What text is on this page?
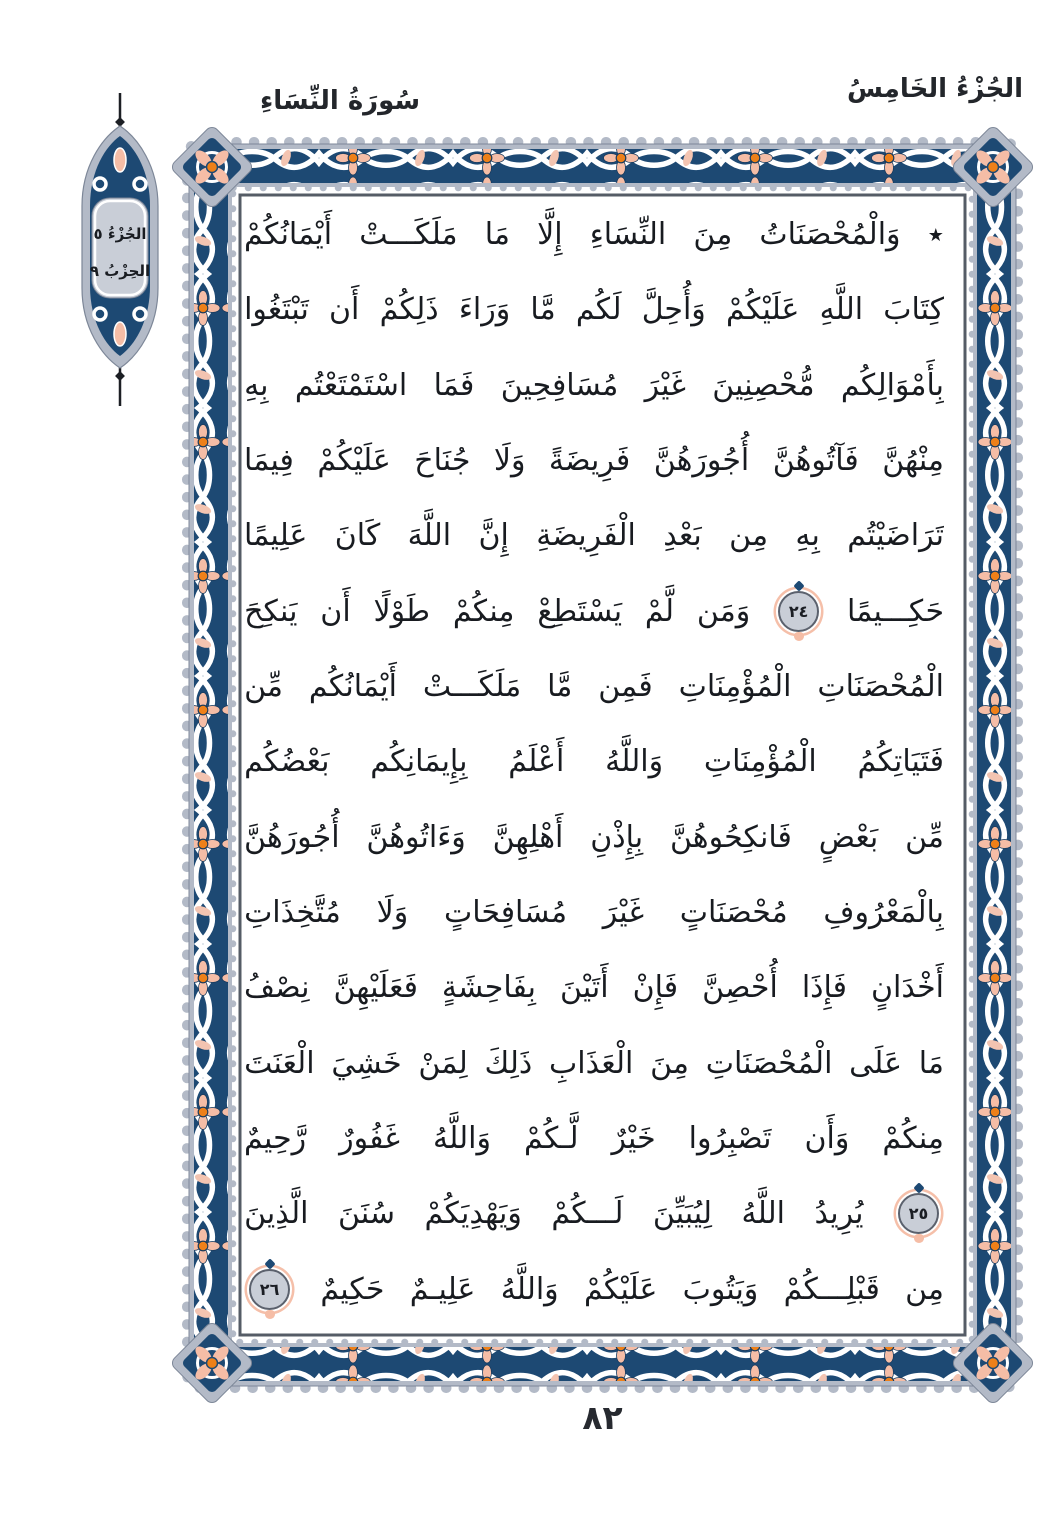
سُورَةُ النِّسَاءِ	الجُزْءُ الخَامِسُ
الجُزْءُ ٥
الحِزْبُ ٩
٭
وَالْمُحْصَنَاتُ
مِنَ
النِّسَاءِ
إِلَّا
مَا
مَلَكَـــتْ
أَيْمَانُكُمْ
كِتَابَ
اللَّهِ
عَلَيْكُمْ
وَأُحِلَّ
لَكُم
مَّا
وَرَاءَ
ذَلِكُمْ
أَن
تَبْتَغُوا
بِأَمْوَالِكُم
مُّحْصِنِينَ
غَيْرَ
مُسَافِحِينَ
فَمَا
اسْتَمْتَعْتُم
بِهِ
مِنْهُنَّ
فَآتُوهُنَّ
أُجُورَهُنَّ
فَرِيضَةً
وَلَا
جُنَاحَ
عَلَيْكُمْ
فِيمَا
تَرَاضَيْتُم
بِهِ
مِن
بَعْدِ
الْفَرِيضَةِ
إِنَّ
اللَّهَ
كَانَ
عَلِيمًا
حَكِـــيمًا
٢٤
وَمَن
لَّمْ
يَسْتَطِعْ
مِنكُمْ
طَوْلًا
أَن
يَنكِحَ
الْمُحْصَنَاتِ
الْمُؤْمِنَاتِ
فَمِن
مَّا
مَلَكَـــتْ
أَيْمَانُكُم
مِّن
فَتَيَاتِكُمُ
الْمُؤْمِنَاتِ
وَاللَّهُ
أَعْلَمُ
بِإِيمَانِكُم
بَعْضُكُم
مِّن
بَعْضٍ
فَانكِحُوهُنَّ
بِإِذْنِ
أَهْلِهِنَّ
وَءَاتُوهُنَّ
أُجُورَهُنَّ
بِالْمَعْرُوفِ
مُحْصَنَاتٍ
غَيْرَ
مُسَافِحَاتٍ
وَلَا
مُتَّخِذَاتِ
أَخْدَانٍ
فَإِذَا
أُحْصِنَّ
فَإِنْ
أَتَيْنَ
بِفَاحِشَةٍ
فَعَلَيْهِنَّ
نِصْفُ
مَا
عَلَى
الْمُحْصَنَاتِ
مِنَ
الْعَذَابِ
ذَلِكَ
لِمَنْ
خَشِيَ
الْعَنَتَ
مِنكُمْ
وَأَن
تَصْبِرُوا
خَيْرٌ
لَّـكُمْ
وَاللَّهُ
غَفُورٌ
رَّحِيمٌ
٢٥
يُرِيدُ
اللَّهُ
لِيُبَيِّنَ
لَـــكُمْ
وَيَهْدِيَكُمْ
سُنَنَ
الَّذِينَ
مِن
قَبْلِـــكُمْ
وَيَتُوبَ
عَلَيْكُمْ
وَاللَّهُ
عَلِيـمٌ
حَكِيمٌ
٢٦
٨٢
